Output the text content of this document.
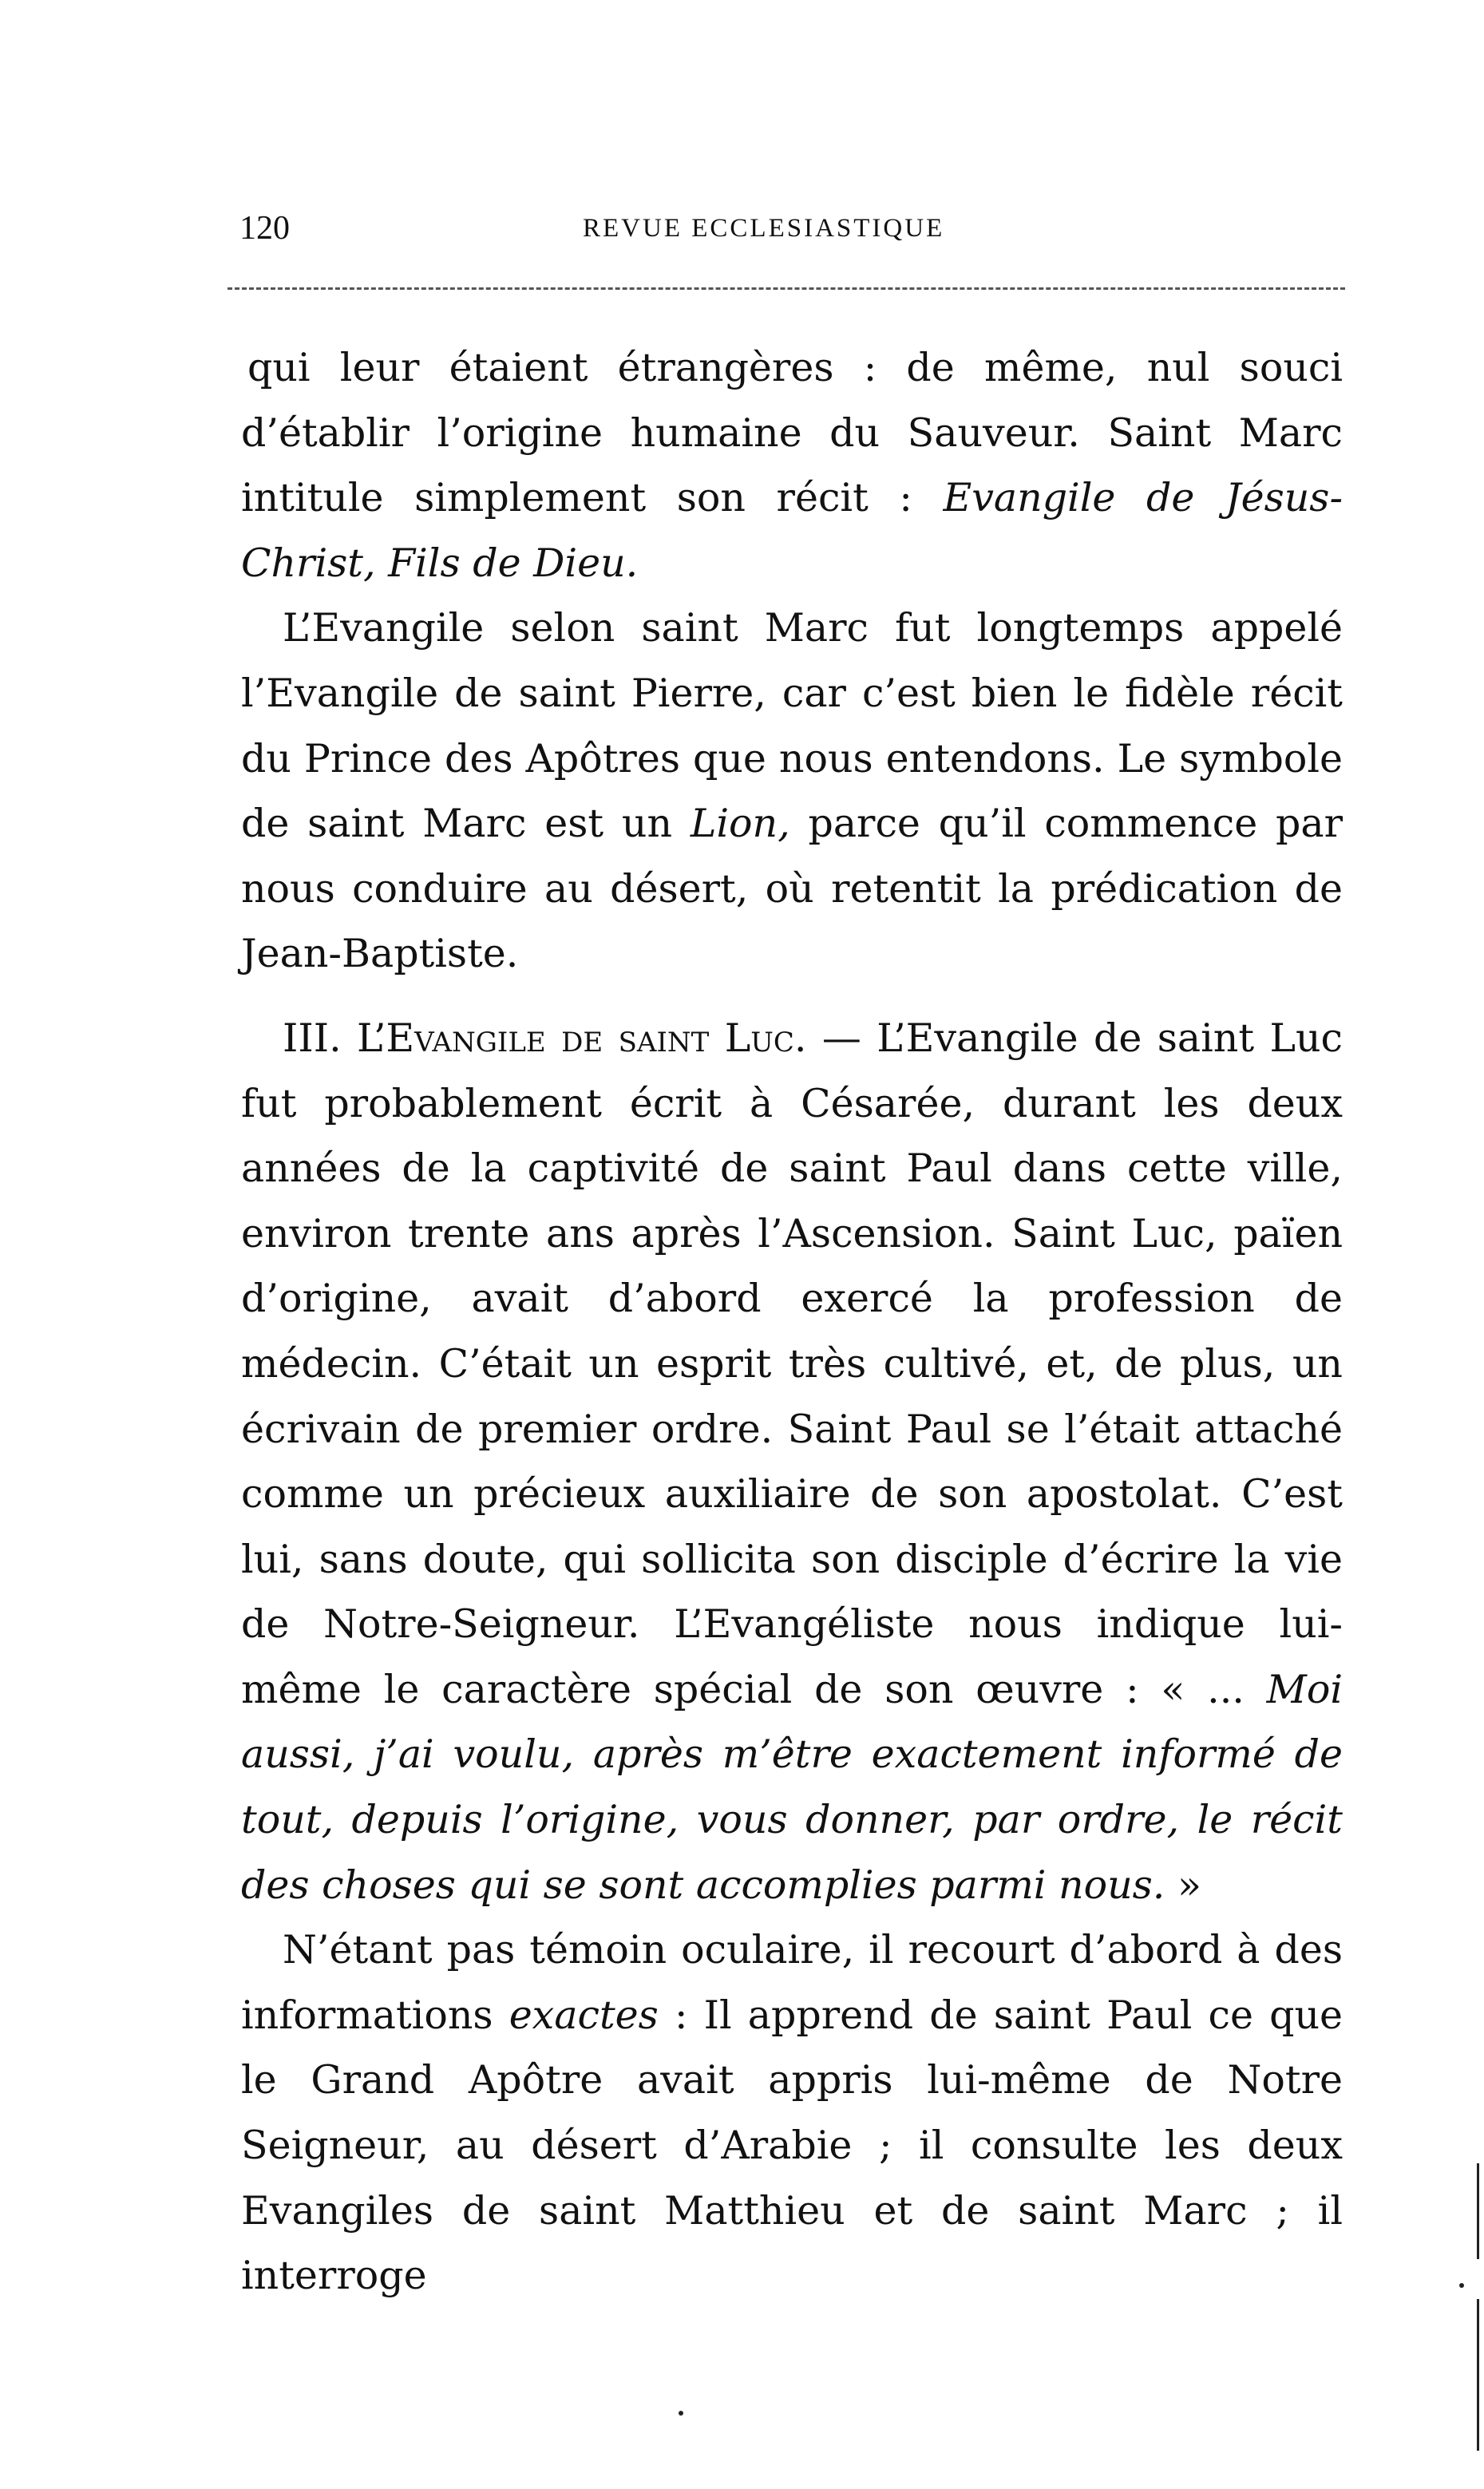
120	REVUE ECCLESIASTIQUE

qui leur étaient étrangères : de même, nul souci d’établir l’origine humaine du Sauveur. Saint Marc intitule simplement son récit : Evangile de Jésus-Christ, Fils de Dieu.

L’Evangile selon saint Marc fut longtemps appelé l’Evangile de saint Pierre, car c’est bien le fidèle récit du Prince des Apôtres que nous entendons. Le symbole de saint Marc est un Lion, parce qu’il commence par nous conduire au désert, où retentit la prédication de Jean-Baptiste.

III. L’Evangile de saint Luc. — L’Evangile de saint Luc fut probablement écrit à Césarée, durant les deux années de la captivité de saint Paul dans cette ville, environ trente ans après l’Ascension. Saint Luc, païen d’origine, avait d’abord exercé la profession de médecin. C’était un esprit très cultivé, et, de plus, un écrivain de premier ordre. Saint Paul se l’était attaché comme un précieux auxiliaire de son apostolat. C’est lui, sans doute, qui sollicita son disciple d’écrire la vie de Notre-Seigneur. L’Evangéliste nous indique lui-même le caractère spécial de son œuvre : « ... Moi aussi, j’ai voulu, après m’être exactement informé de tout, depuis l’origine, vous donner, par ordre, le récit des choses qui se sont accomplies parmi nous. »

N’étant pas témoin oculaire, il recourt d’abord à des informations exactes : Il apprend de saint Paul ce que le Grand Apôtre avait appris lui-même de Notre Seigneur, au désert d’Arabie ; il consulte les deux Evangiles de saint Matthieu et de saint Marc ; il interroge
